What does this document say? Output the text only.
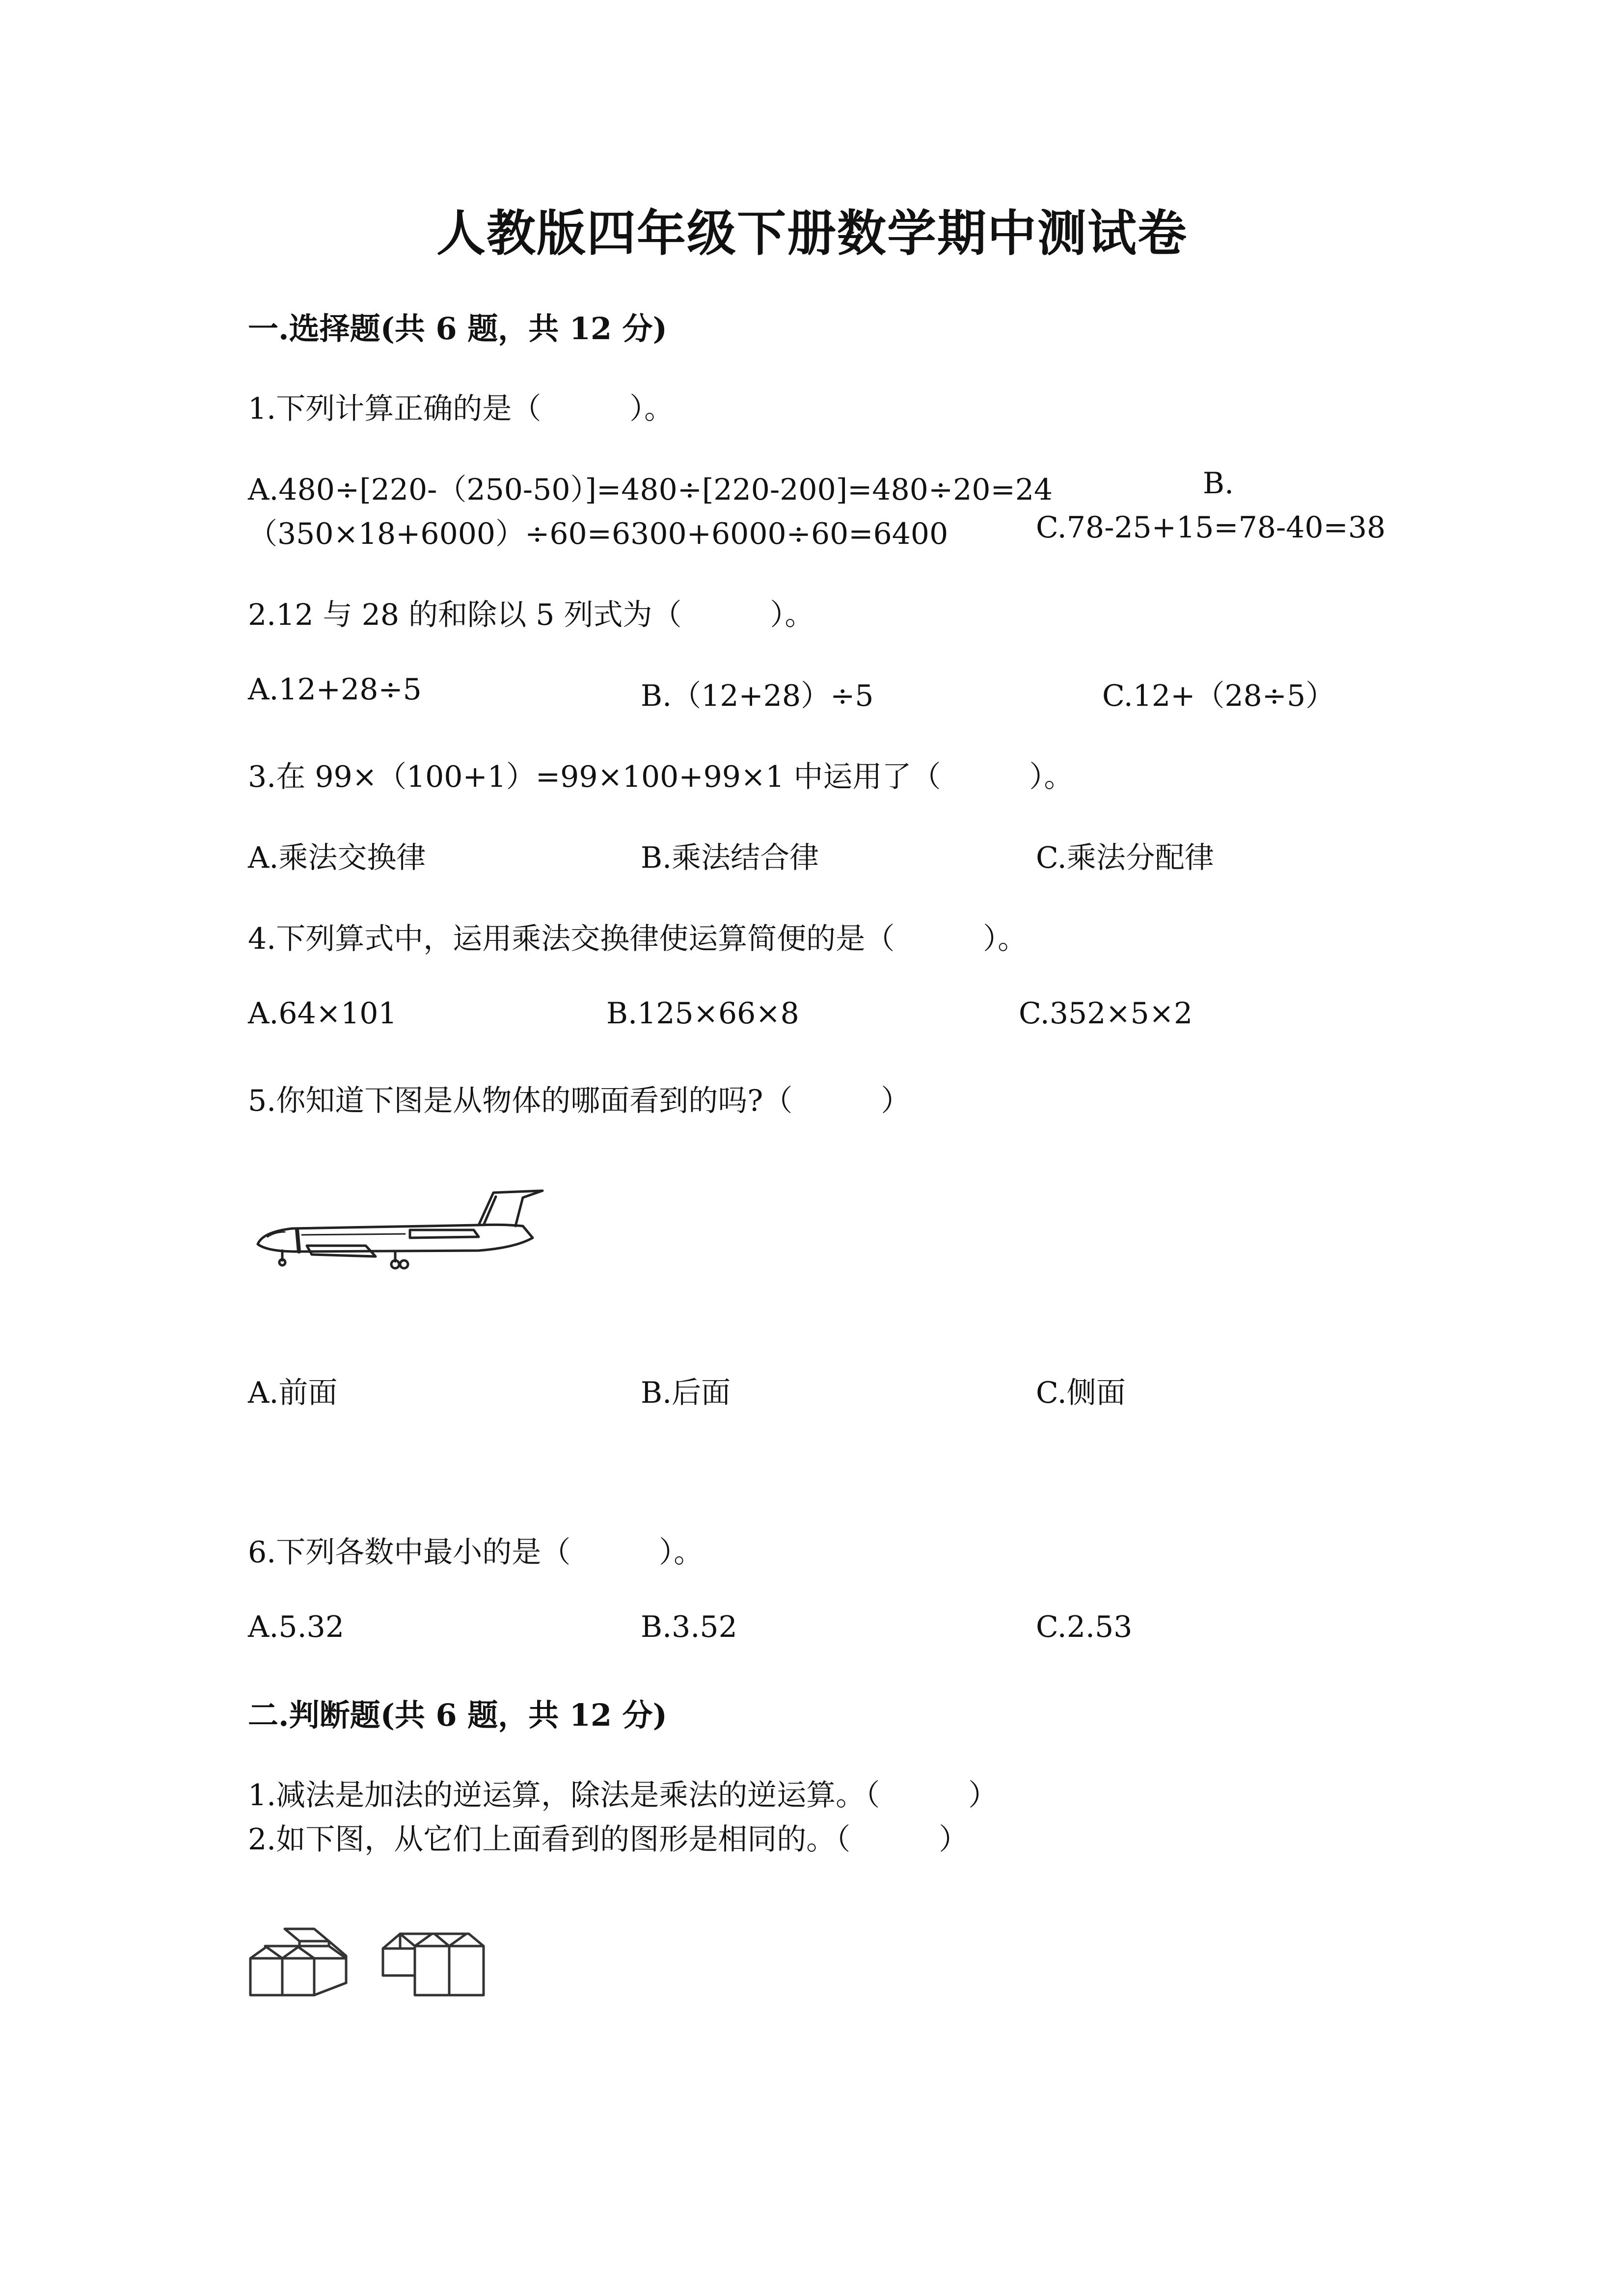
人教版四年级下册数学期中测试卷
一.选择题(共 6 题，共 12 分)
1.下列计算正确的是（　　　）。
A.480÷[220-（250-50）]=480÷[220-200]=480÷20=24	B.
（350×18+6000）÷60=6300+6000÷60=6400	C.78-25+15=78-40=38
2.12 与 28 的和除以 5 列式为（　　　）。
A.12+28÷5	B.（12+28）÷5	C.12+（28÷5）
3.在 99×（100+1）=99×100+99×1 中运用了（　　　）。
A.乘法交换律	B.乘法结合律	C.乘法分配律
4.下列算式中，运用乘法交换律使运算简便的是（　　　）。
A.64×101	B.125×66×8	C.352×5×2
5.你知道下图是从物体的哪面看到的吗?（　　　）
A.前面	B.后面	C.侧面
6.下列各数中最小的是（　　　）。
A.5.32	B.3.52	C.2.53
二.判断题(共 6 题，共 12 分)
1.减法是加法的逆运算，除法是乘法的逆运算。（　　　）
2.如下图，从它们上面看到的图形是相同的。（　　　）
